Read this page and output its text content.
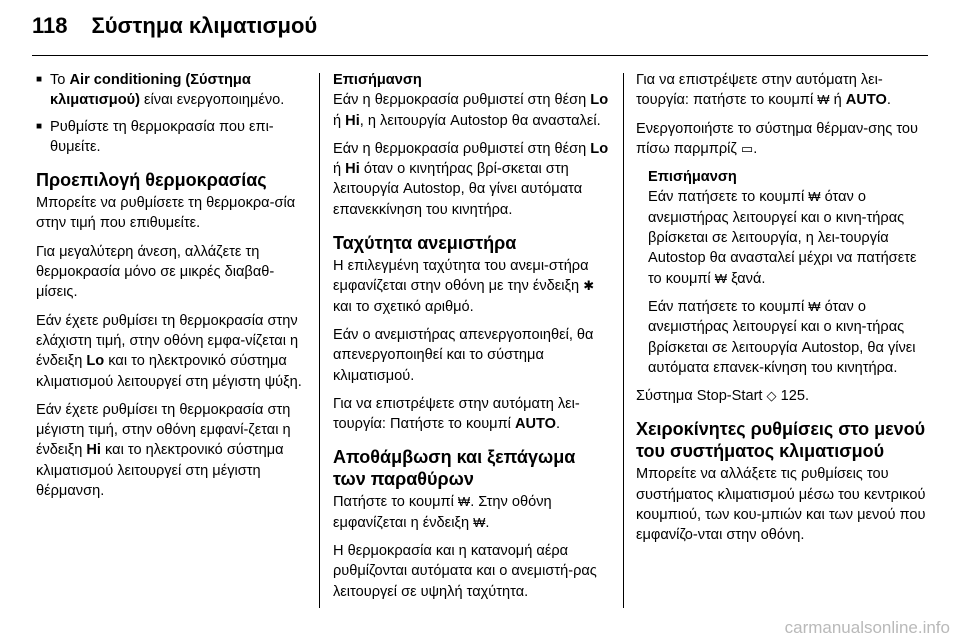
118 Σύστημα κλιματισμού
■ Το Air conditioning (Σύστημα κλιματισμού) είναι ενεργοποιημένο.
■ Ρυθμίστε τη θερμοκρασία που επι-θυμείτε.
Προεπιλογή θερμοκρασίας

Μπορείτε να ρυθμίσετε τη θερμοκρα-σία στην τιμή που επιθυμείτε.

Για μεγαλύτερη άνεση, αλλάζετε τη θερμοκρασία μόνο σε μικρές διαβαθ-μίσεις.

Εάν έχετε ρυθμίσει τη θερμοκρασία στην ελάχιστη τιμή, στην οθόνη εμφα-νίζεται η ένδειξη Lo και το ηλεκτρονικό σύστημα κλιματισμού λειτουργεί στη μέγιστη ψύξη.

Εάν έχετε ρυθμίσει τη θερμοκρασία στη μέγιστη τιμή, στην οθόνη εμφανί-ζεται η ένδειξη Hi και το ηλεκτρονικό σύστημα κλιματισμού λειτουργεί στη μέγιστη θέρμανση.

Επισήμανση

Εάν η θερμοκρασία ρυθμιστεί στη θέση Lo ή Hi, η λειτουργία Autostop θα ανασταλεί.

Εάν η θερμοκρασία ρυθμιστεί στη θέση Lo ή Hi όταν ο κινητήρας βρί-σκεται στη λειτουργία Autostop, θα γίνει αυτόματα επανεκκίνηση του κινητήρα.

Ταχύτητα ανεμιστήρα

Η επιλεγμένη ταχύτητα του ανεμι-στήρα εμφανίζεται στην οθόνη με την ένδειξη ✱ και το σχετικό αριθμό.

Εάν ο ανεμιστήρας απενεργοποιηθεί, θα απενεργοποιηθεί και το σύστημα κλιματισμού.

Για να επιστρέψετε στην αυτόματη λει-τουργία: Πατήστε το κουμπί AUTO.

Αποθάμβωση και ξεπάγωμα των παραθύρων

Πατήστε το κουμπί ₩. Στην οθόνη εμφανίζεται η ένδειξη ₩.

Η θερμοκρασία και η κατανομή αέρα ρυθμίζονται αυτόματα και ο ανεμιστή-ρας λειτουργεί σε υψηλή ταχύτητα.

Για να επιστρέψετε στην αυτόματη λει-τουργία: πατήστε το κουμπί ₩ ή AUTO.

Ενεργοποιήστε το σύστημα θέρμαν-σης του πίσω παρμπρίζ ▭.

Επισήμανση

Εάν πατήσετε το κουμπί ₩ όταν ο ανεμιστήρας λειτουργεί και ο κινη-τήρας βρίσκεται σε λειτουργία, η λει-τουργία Autostop θα ανασταλεί μέχρι να πατήσετε το κουμπί ₩ ξανά.

Εάν πατήσετε το κουμπί ₩ όταν ο ανεμιστήρας λειτουργεί και ο κινη-τήρας βρίσκεται σε λειτουργία Autostop, θα γίνει αυτόματα επανεκ-κίνηση του κινητήρα.

Σύστημα Stop-Start ◇ 125.

Χειροκίνητες ρυθμίσεις στο μενού του συστήματος κλιματισμού

Μπορείτε να αλλάξετε τις ρυθμίσεις του συστήματος κλιματισμού μέσω του κεντρικού κουμπιού, των κου-μπιών και των μενού που εμφανίζο-νται στην οθόνη.

carmanualsonline.info
